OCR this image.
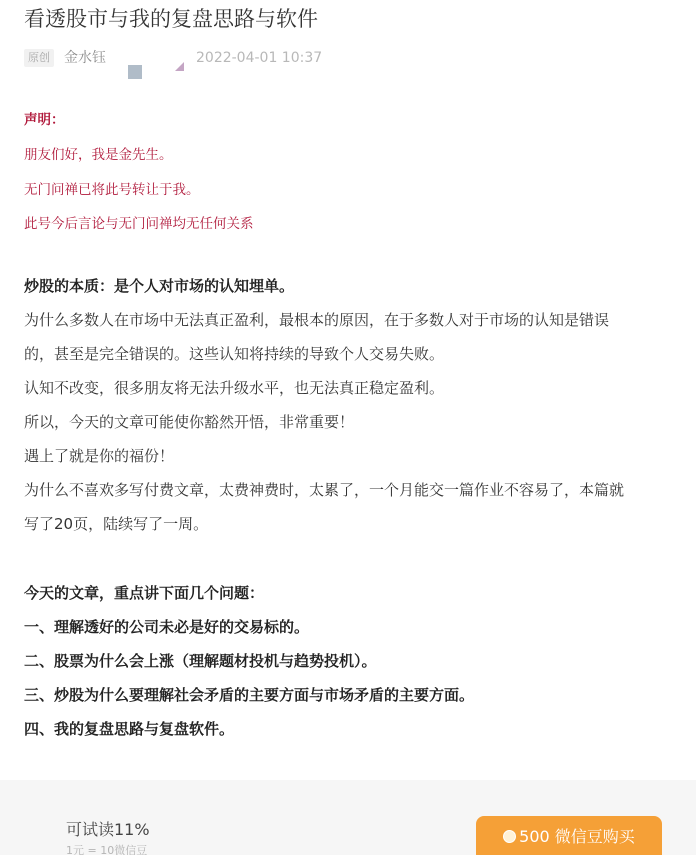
看透股市与我的复盘思路与软件
原创 金水钰	2022-04-01 10:37
声明：
朋友们好，我是金先生。
无门问禅已将此号转让于我。
此号今后言论与无门问禅均无任何关系
炒股的本质：是个人对市场的认知埋单。
为什么多数人在市场中无法真正盈利，最根本的原因，在于多数人对于市场的认知是错误
的，甚至是完全错误的。这些认知将持续的导致个人交易失败。
认知不改变，很多朋友将无法升级水平，也无法真正稳定盈利。
所以，今天的文章可能使你豁然开悟，非常重要！
遇上了就是你的福份！
为什么不喜欢多写付费文章，太费神费时，太累了，一个月能交一篇作业不容易了，本篇就
写了20页，陆续写了一周。
今天的文章，重点讲下面几个问题：
一、理解透好的公司未必是好的交易标的。
二、股票为什么会上涨（理解题材投机与趋势投机）。
三、炒股为什么要理解社会矛盾的主要方面与市场矛盾的主要方面。
四、我的复盘思路与复盘软件。
可试读11%
1元 = 10微信豆
500 微信豆购买
